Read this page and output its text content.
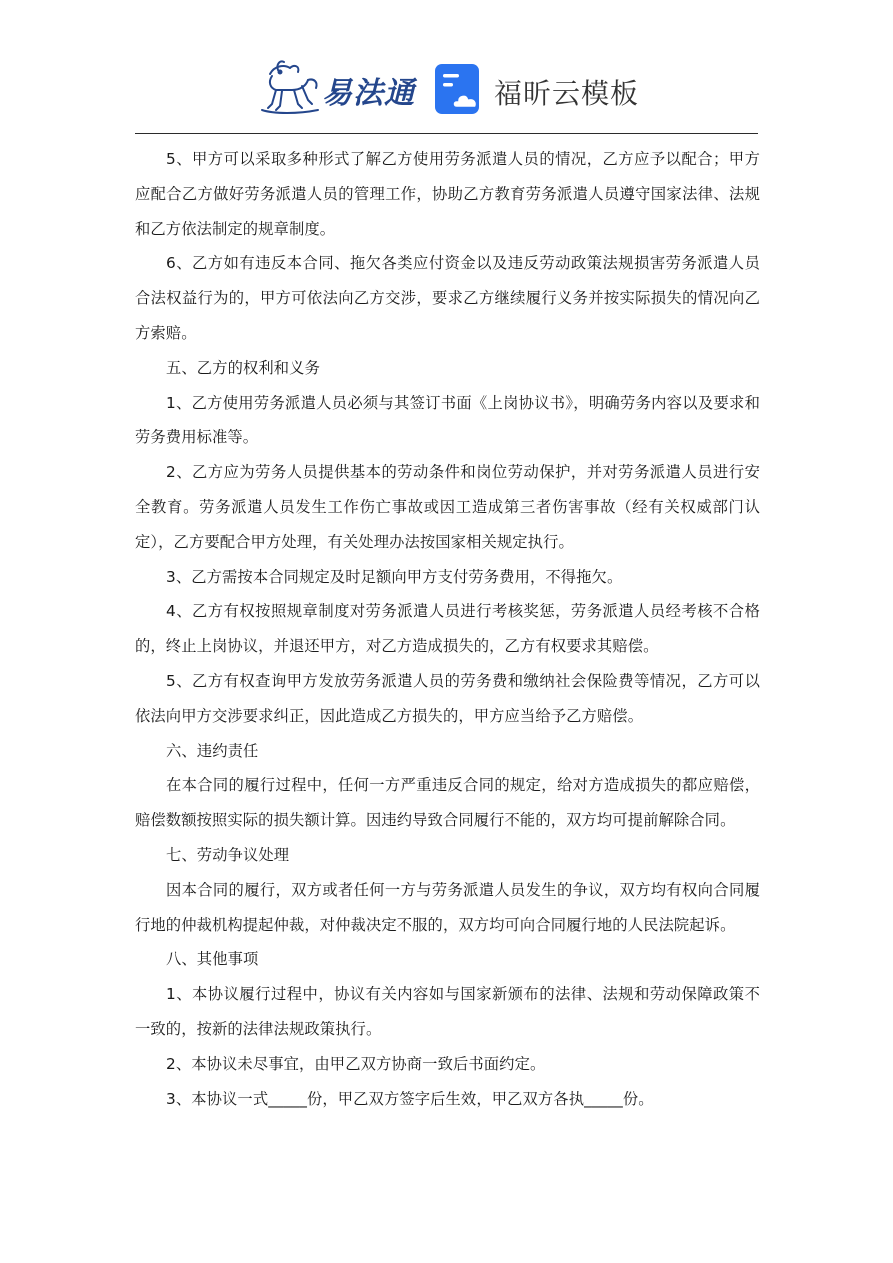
易法通	福昕云模板

5、甲方可以采取多种形式了解乙方使用劳务派遣人员的情况，乙方应予以配合；甲方应配合乙方做好劳务派遣人员的管理工作，协助乙方教育劳务派遣人员遵守国家法律、法规和乙方依法制定的规章制度。

6、乙方如有违反本合同、拖欠各类应付资金以及违反劳动政策法规损害劳务派遣人员合法权益行为的，甲方可依法向乙方交涉，要求乙方继续履行义务并按实际损失的情况向乙方索赔。

五、乙方的权利和义务

1、乙方使用劳务派遣人员必须与其签订书面《上岗协议书》，明确劳务内容以及要求和劳务费用标准等。

2、乙方应为劳务人员提供基本的劳动条件和岗位劳动保护，并对劳务派遣人员进行安全教育。劳务派遣人员发生工作伤亡事故或因工造成第三者伤害事故（经有关权威部门认定），乙方要配合甲方处理，有关处理办法按国家相关规定执行。

3、乙方需按本合同规定及时足额向甲方支付劳务费用，不得拖欠。

4、乙方有权按照规章制度对劳务派遣人员进行考核奖惩，劳务派遣人员经考核不合格的，终止上岗协议，并退还甲方，对乙方造成损失的，乙方有权要求其赔偿。

5、乙方有权查询甲方发放劳务派遣人员的劳务费和缴纳社会保险费等情况，乙方可以依法向甲方交涉要求纠正，因此造成乙方损失的，甲方应当给予乙方赔偿。

六、违约责任

在本合同的履行过程中，任何一方严重违反合同的规定，给对方造成损失的都应赔偿，赔偿数额按照实际的损失额计算。因违约导致合同履行不能的，双方均可提前解除合同。

七、劳动争议处理

因本合同的履行，双方或者任何一方与劳务派遣人员发生的争议，双方均有权向合同履行地的仲裁机构提起仲裁，对仲裁决定不服的，双方均可向合同履行地的人民法院起诉。

八、其他事项

1、本协议履行过程中，协议有关内容如与国家新颁布的法律、法规和劳动保障政策不一致的，按新的法律法规政策执行。

2、本协议未尽事宜，由甲乙双方协商一致后书面约定。

3、本协议一式_____份，甲乙双方签字后生效，甲乙双方各执_____份。
